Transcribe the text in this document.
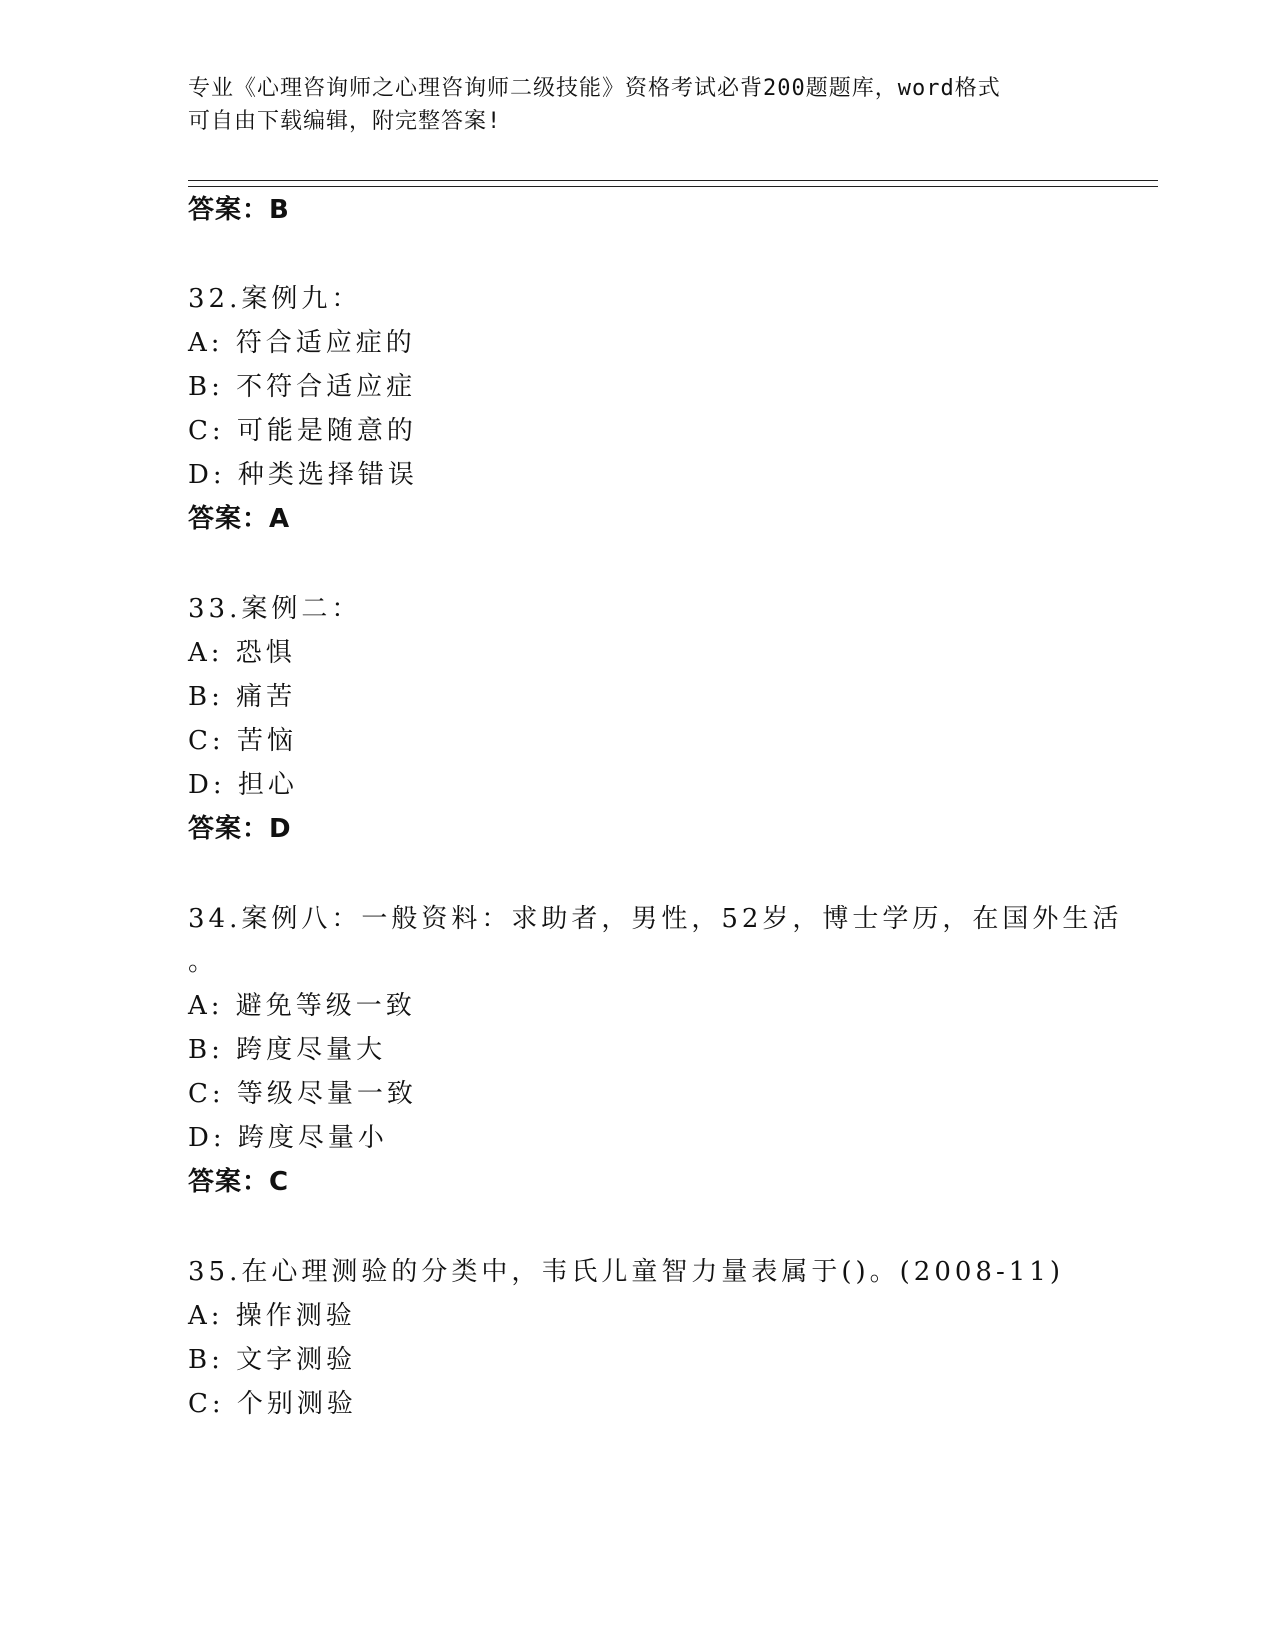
专业《心理咨询师之心理咨询师二级技能》资格考试必背200题题库，word格式
可自由下载编辑，附完整答案!
答案：B
32.案例九：
A: 符合适应症的
B: 不符合适应症
C: 可能是随意的
D: 种类选择错误
答案：A
33.案例二：
A: 恐惧
B: 痛苦
C: 苦恼
D: 担心
答案：D
34.案例八：一般资料：求助者，男性，52岁，博士学历，在国外生活
。
A: 避免等级一致
B: 跨度尽量大
C: 等级尽量一致
D: 跨度尽量小
答案：C
35.在心理测验的分类中，韦氏儿童智力量表属于()。(2008-11)
A: 操作测验
B: 文字测验
C: 个别测验
